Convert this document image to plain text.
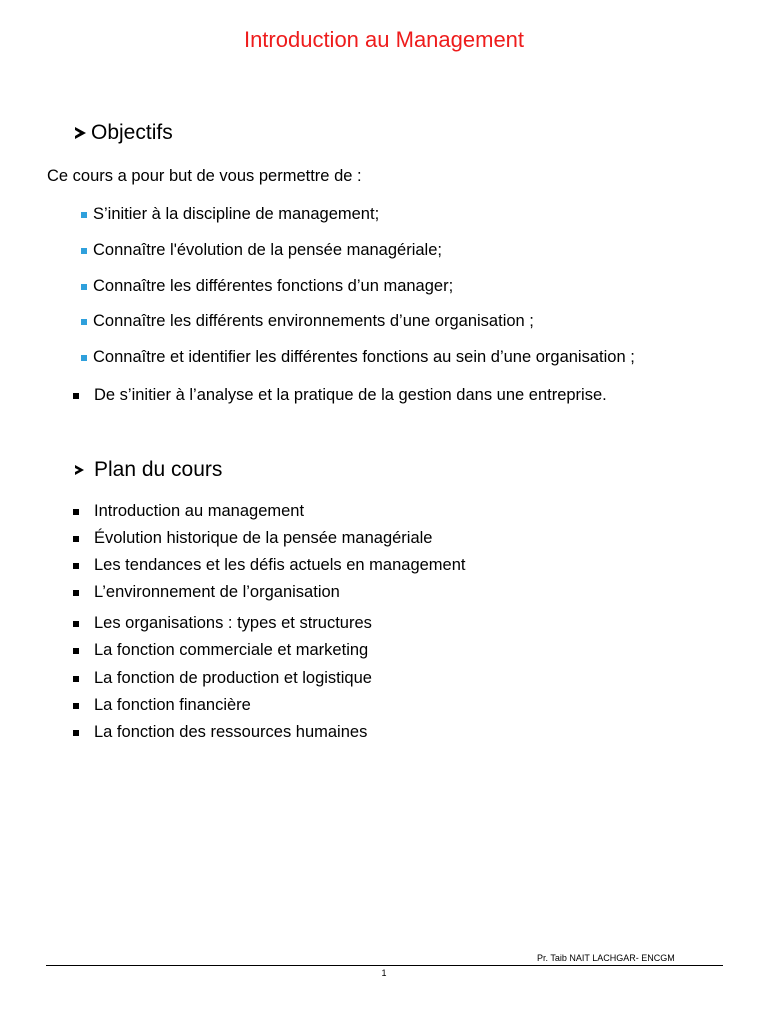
Introduction au Management
Objectifs
Ce cours a pour but de vous permettre de :
S’initier à la discipline de management;
Connaître l'évolution de la pensée managériale;
Connaître les différentes fonctions d’un manager;
Connaître les différents environnements d’une organisation ;
Connaître et identifier les différentes fonctions au sein d’une organisation ;
De s’initier à l’analyse et la pratique de la gestion dans une entreprise.
Plan du cours
Introduction au management
Évolution historique de la pensée managériale
Les tendances et les défis actuels en management
L’environnement de l’organisation
Les organisations : types et structures
La fonction commerciale et marketing
La fonction de production et logistique
La fonction financière
La fonction des ressources humaines
Pr. Taib NAIT LACHGAR- ENCGM
1
